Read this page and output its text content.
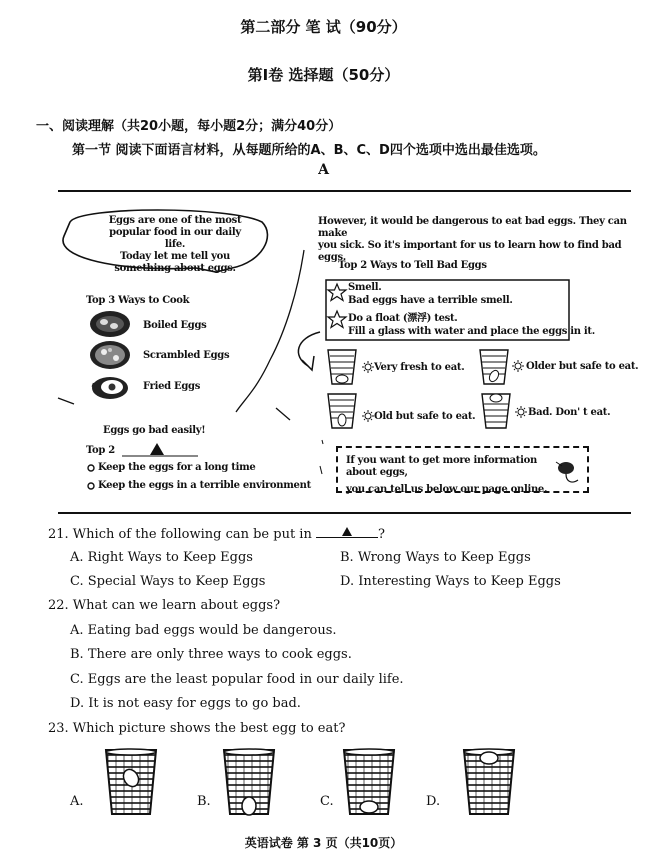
第二部分 笔 试（90分）
第Ⅰ卷 选择题（50分）
一、阅读理解（共20小题，每小题2分；满分40分）
第一节 阅读下面语言材料，从每题所给的A、B、C、D四个选项中选出最佳选项。
A
Eggs are one of the most
popular food in our daily life.
Today let me tell you
something about eggs.
However, it would be dangerous to eat bad eggs. They can make
you sick. So it's important for us to learn how to find bad eggs.
Top 3 Ways to Cook
Boiled Eggs
Scrambled Eggs
Fried Eggs
Top 2 Ways to Tell Bad Eggs
Smell.
Bad eggs have a terrible smell.
Do a float (漂浮) test.
Fill a glass with water and place the eggs in it.
Very fresh to eat.	Older but safe to eat.
Old but safe to eat.	Bad. Don' t eat.
Eggs go bad easily!
Top 2
Keep the eggs for a long time
Keep the eggs in a terrible environment
If you want to get more information about eggs,
you can tell us below our page online.
21. Which of the following can be put in	?
A. Right Ways to Keep Eggs	B. Wrong Ways to Keep Eggs
C. Special Ways to Keep Eggs	D. Interesting Ways to Keep Eggs
22. What can we learn about eggs?
A. Eating bad eggs would be dangerous.
B. There are only three ways to cook eggs.
C. Eggs are the least popular food in our daily life.
D. It is not easy for eggs to go bad.
23. Which picture shows the best egg to eat?
A.	B.	C.	D.
英语试卷 第 3 页（共10页）
